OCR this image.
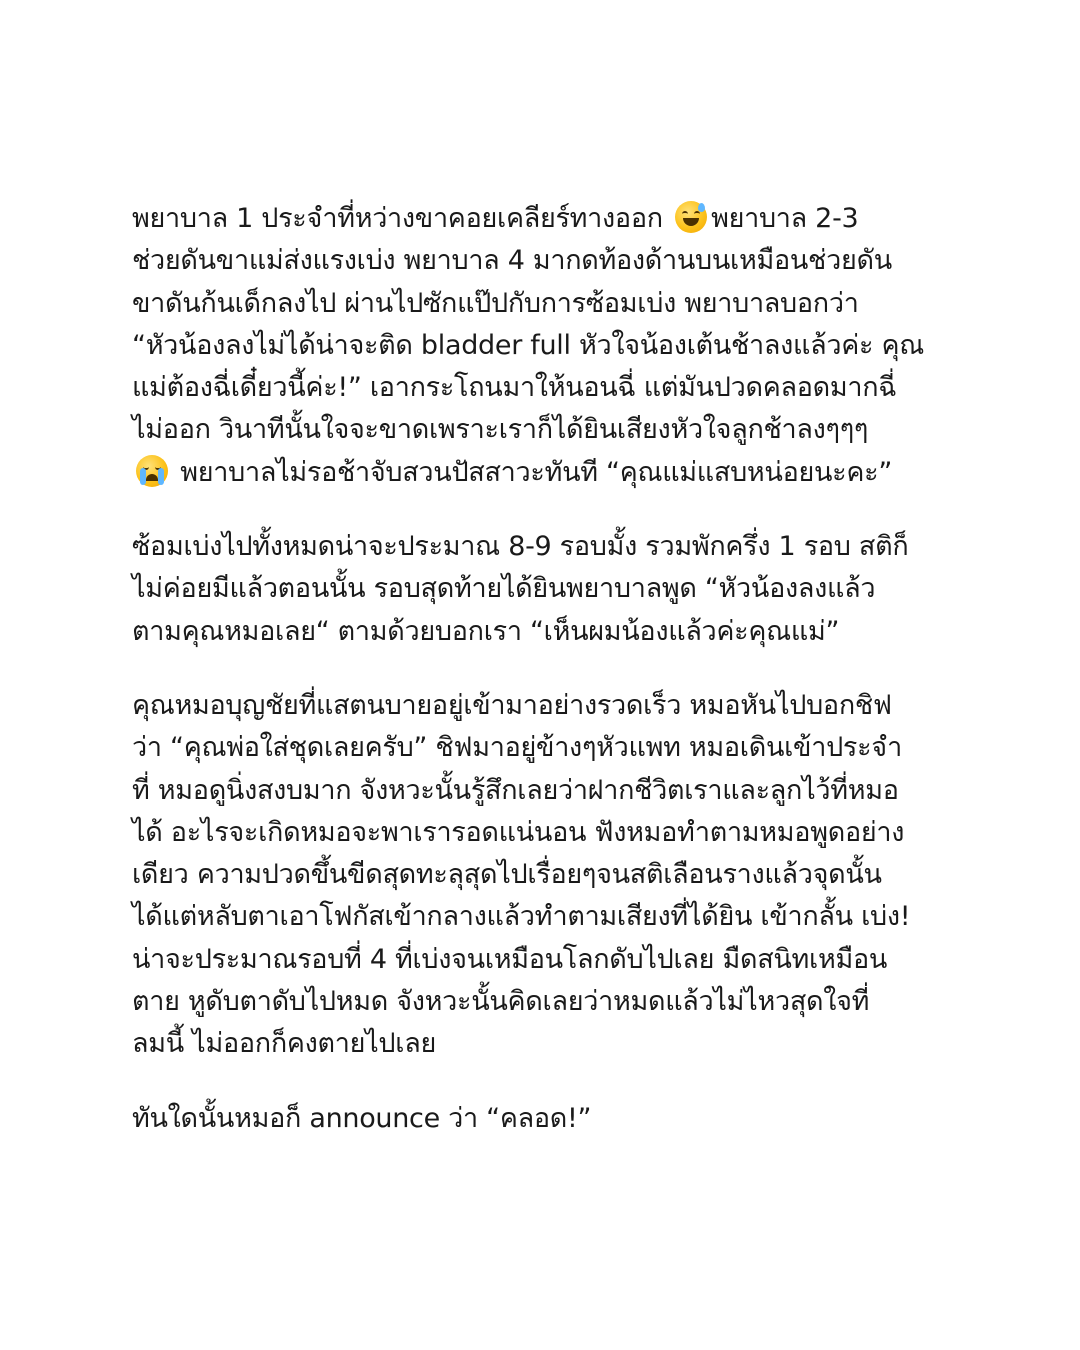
พยาบาล 1 ประจำที่หว่างขาคอยเคลียร์ทางออก
พยาบาล 2-3
ช่วยดันขาแม่ส่งแรงเบ่ง พยาบาล 4 มากดท้องด้านบนเหมือนช่วยดัน
ขาดันก้นเด็กลงไป ผ่านไปซักแป๊ปกับการซ้อมเบ่ง พยาบาลบอกว่า
“หัวน้องลงไม่ได้น่าจะติด bladder full หัวใจน้องเต้นช้าลงแล้วค่ะ คุณ
แม่ต้องฉี่เดี๋ยวนี้ค่ะ!” เอากระโถนมาให้นอนฉี่ แต่มันปวดคลอดมากฉี่
ไม่ออก วินาทีนั้นใจจะขาดเพราะเราก็ได้ยินเสียงหัวใจลูกช้าลงๆๆๆ
พยาบาลไม่รอช้าจับสวนปัสสาวะทันที “คุณแม่แสบหน่อยนะคะ”
ซ้อมเบ่งไปทั้งหมดน่าจะประมาณ 8-9 รอบมั้ง รวมพักครึ่ง 1 รอบ สติก็
ไม่ค่อยมีแล้วตอนนั้น รอบสุดท้ายได้ยินพยาบาลพูด “หัวน้องลงแล้ว
ตามคุณหมอเลย“ ตามด้วยบอกเรา “เห็นผมน้องแล้วค่ะคุณแม่”
คุณหมอบุญชัยที่แสตนบายอยู่เข้ามาอย่างรวดเร็ว หมอหันไปบอกชิฟ
ว่า “คุณพ่อใส่ชุดเลยครับ” ชิฟมาอยู่ข้างๆหัวแพท หมอเดินเข้าประจำ
ที่ หมอดูนิ่งสงบมาก จังหวะนั้นรู้สึกเลยว่าฝากชีวิตเราและลูกไว้ที่หมอ
ได้ อะไรจะเกิดหมอจะพาเรารอดแน่นอน ฟังหมอทำตามหมอพูดอย่าง
เดียว ความปวดขึ้นขีดสุดทะลุสุดไปเรื่อยๆจนสติเลือนรางแล้วจุดนั้น
ได้แต่หลับตาเอาโฟกัสเข้ากลางแล้วทำตามเสียงที่ได้ยิน เข้ากลั้น เบ่ง!
น่าจะประมาณรอบที่ 4 ที่เบ่งจนเหมือนโลกดับไปเลย มืดสนิทเหมือน
ตาย หูดับตาดับไปหมด จังหวะนั้นคิดเลยว่าหมดแล้วไม่ไหวสุดใจที่
ลมนี้ ไม่ออกก็คงตายไปเลย
ทันใดนั้นหมอก็ announce ว่า “คลอด!”
